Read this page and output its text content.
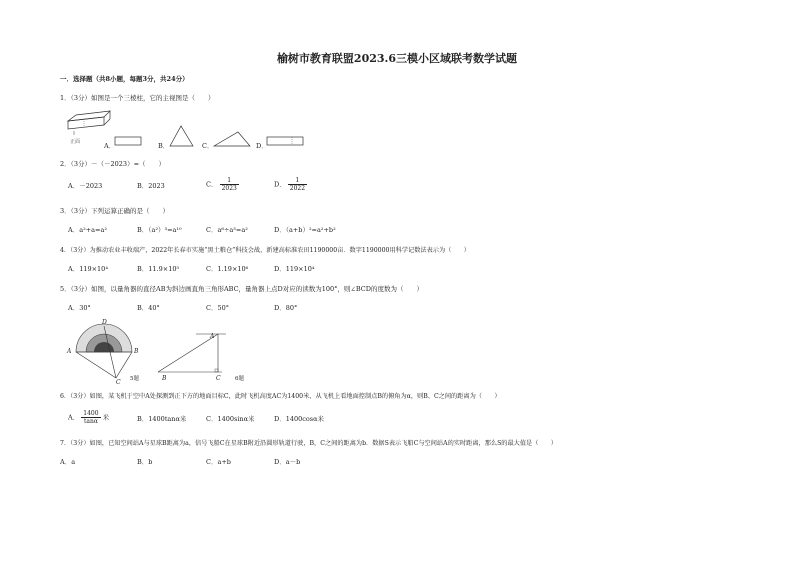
榆树市教育联盟2023.6三模小区域联考数学试题
一．选择题（共8小题，每题3分，共24分）
1．（3分）如图是一个三棱柱，它的主视图是（　　）
正面	A．	B．	C．	D．
2．（3分）－（－2023）=（　　）
A．－2023	B．2023	C． $\frac{1}{2023}$	D． $\frac{1}{2022}$
3．（3分）下列运算正确的是（　　）
A．a²+a=a²	B．（a²）³=a¹⁰	C．a⁶÷a³=a²	D．（a+b）²=a²+b²
4．（3分）为推动农业丰收端产，2022年长春市实施“黑土粮仓”科技会战，新建高标准农田1190000亩．数字1190000用科学记数法表示为（　　）
A．119×10⁴	B．11.9×10⁵	C．1.19×10⁶	D．119×10⁴
5．（3分）如图，以量角器的直径AB为斜边画直角三角形ABC，量角器上点D对应的读数为100°，则∠BCD的度数为（　　）
A．30°	B．40°	C．50°	D．80°
A	B
C
D
5题
A
B	C	6题
6．（3分）如图，某飞机于空中A处探测到正下方的地面目标C，此时飞机高度AC为1400米，从飞机上看地面控制点B的俯角为α，则B、C之间的距离为（　　）
A． $\frac{1400}{\tan\alpha}$ 米	B．1400tanα米	C．1400sinα米	D．1400cosα米
7．（3分）如图，已知空间站A与星球B距离为a，信号飞船C在星球B附近沿圆形轨道行驶，B，C之间的距离为b．数据S表示飞船C与空间站A的实时距离，那么S的最大值是（　　）
A．a	B．b	C．a+b	D．a－b
